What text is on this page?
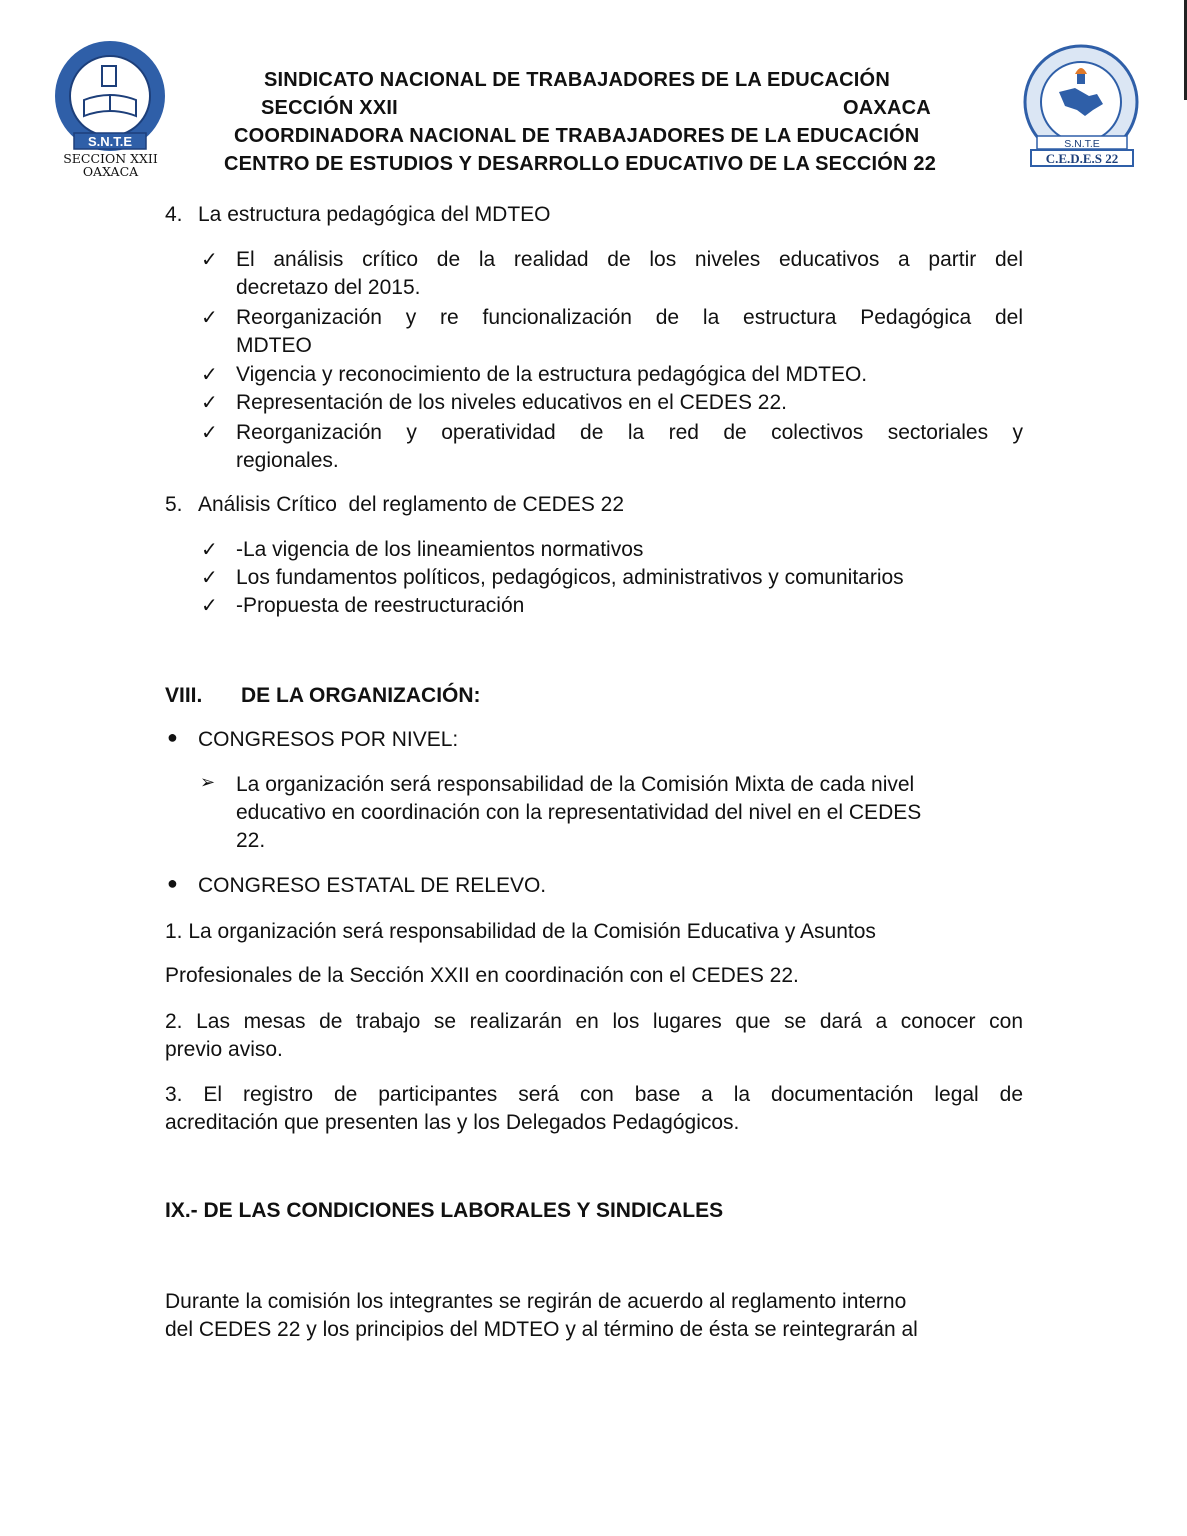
S.N.T.E
SECCION XXII
OAXACA
SINDICATO NACIONAL DE TRABAJADORES DE LA EDUCACIÓN
SECCIÓN XXII	OAXACA
COORDINADORA NACIONAL DE TRABAJADORES DE LA EDUCACIÓN
CENTRO DE ESTUDIOS Y DESARROLLO EDUCATIVO DE LA SECCIÓN 22
S.N.T.E
C.E.D.E.S 22
4. La estructura pedagógica del MDTEO
✓ El análisis crítico de la realidad de los niveles educativos a partir del
decretazo del 2015.
✓ Reorganización y re funcionalización de la estructura Pedagógica del
MDTEO
✓ Vigencia y reconocimiento de la estructura pedagógica del MDTEO.
✓ Representación de los niveles educativos en el CEDES 22.
✓ Reorganización y operatividad de la red de colectivos sectoriales y
regionales.
5. Análisis Crítico  del reglamento de CEDES 22
✓ -La vigencia de los lineamientos normativos
✓ Los fundamentos políticos, pedagógicos, administrativos y comunitarios
✓ -Propuesta de reestructuración
VIII. DE LA ORGANIZACIÓN:
● CONGRESOS POR NIVEL:
➢ La organización será responsabilidad de la Comisión Mixta de cada nivel
educativo en coordinación con la representatividad del nivel en el CEDES
22.
● CONGRESO ESTATAL DE RELEVO.
1. La organización será responsabilidad de la Comisión Educativa y Asuntos
Profesionales de la Sección XXII en coordinación con el CEDES 22.
2. Las mesas de trabajo se realizarán en los lugares que se dará a conocer con
previo aviso.
3. El registro de participantes será con base a la documentación legal de
acreditación que presenten las y los Delegados Pedagógicos.
IX.- DE LAS CONDICIONES LABORALES Y SINDICALES
Durante la comisión los integrantes se regirán de acuerdo al reglamento interno
del CEDES 22 y los principios del MDTEO y al término de ésta se reintegrarán al
